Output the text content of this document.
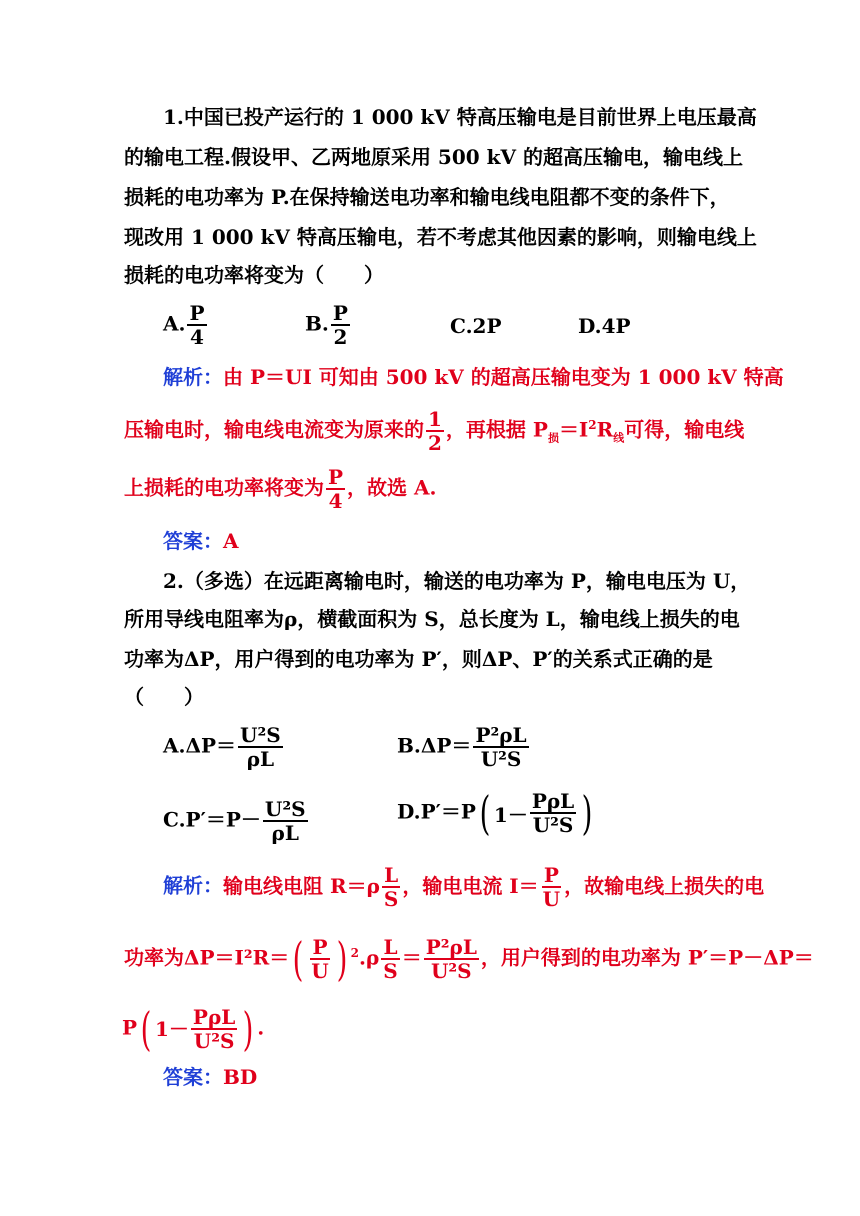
1.中国已投产运行的 1 000 kV 特高压输电是目前世界上电压最高
的输电工程.假设甲、乙两地原采用 500 kV 的超高压输电，输电线上
损耗的电功率为 P.在保持输送电功率和输电线电阻都不变的条件下，
现改用 1 000 kV 特高压输电，若不考虑其他因素的影响，则输电线上
损耗的电功率将变为（　　）
A. $\frac{P}{4}$	B. $\frac{P}{2}$	C.2P	D.4P
解析：由 P＝UI 可知由 500 kV 的超高压输电变为 1 000 kV 特高
压输电时，输电线电流变为原来的 $\frac{1}{2}$ ，再根据 $P_损=I^2R_线$可得，输电线
上损耗的电功率将变为 $\frac{P}{4}$ ，故选 A.
答案：A
2.（多选）在远距离输电时，输送的电功率为 P，输电电压为 U，
所用导线电阻率为ρ，横截面积为 S，总长度为 L，输电线上损失的电
功率为ΔP，用户得到的电功率为 P′，则ΔP、P′的关系式正确的是
（　　）
$A.\Delta P= \frac{\text{U²S}}{\rho L}$	$B.\Delta P= \frac{\text{P²ρL}}{\text{U²S}}$
$C.P'=P- \frac{\text{U²S}}{\rho L}$	D.P′＝P ( $1- \frac{\text{PρL}}{\text{U²S}}$ )
解析：输电线电阻 $R=\rho \frac{L}{S}$ ，输电电流 $I= \frac{P}{U}$ ，故输电线上损失的电
功率为ΔP＝I²R＝ ( $\frac{P}{U}$ ) $^2.\rho \frac{L}{S} = \frac{\text{P²ρL}}{\text{U²S}}$ ，用户得到的电功率为 P′＝P－ΔP＝
P ( $1- \frac{\text{PρL}}{\text{U²S}}$ ) .
答案：BD
